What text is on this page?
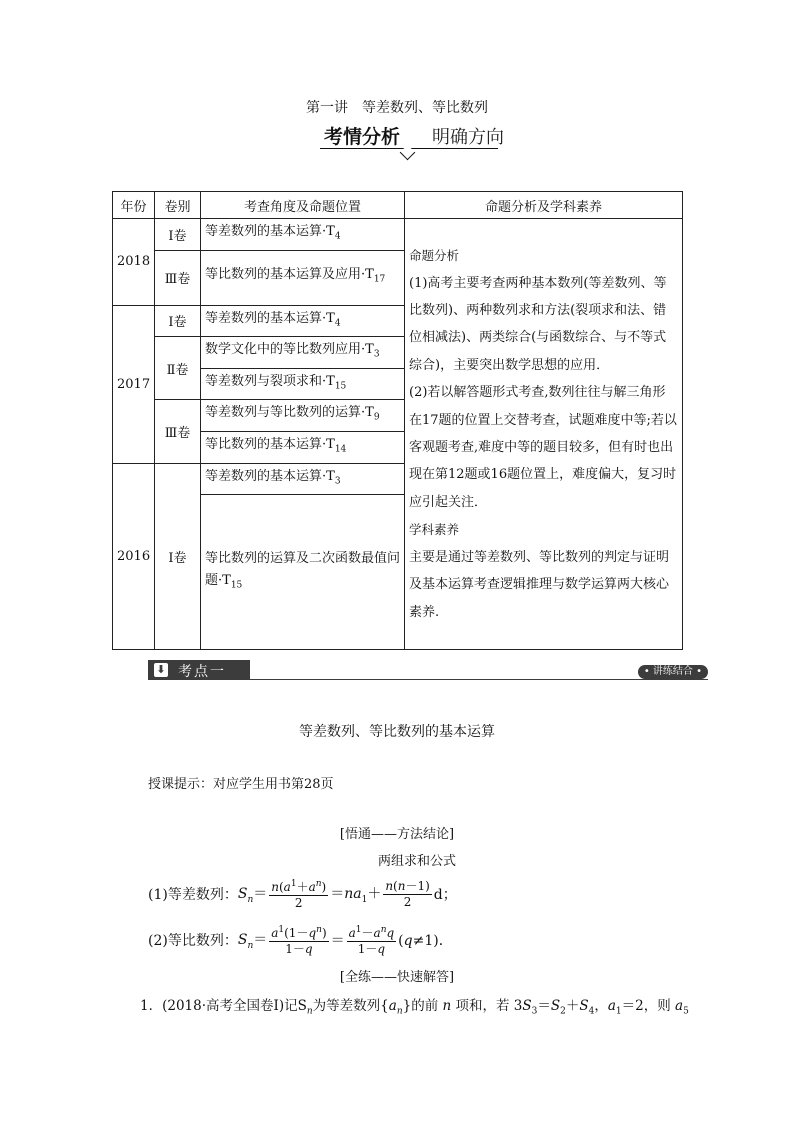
第一讲　等差数列、等比数列
考情分析 明确方向
年份	卷别	考查角度及命题位置	命题分析及学科素养
2018	Ⅰ卷	等差数列的基本运算$\cdot T_4$	命题分析
(1)高考主要考查两种基本数列(等差数列、等比数列)、两种数列求和方法(裂项求和法、错位相减法)、两类综合(与函数综合、与不等式综合)，主要突出数学思想的应用．
(2)若以解答题形式考查,数列往往与解三角形在17题的位置上交替考查，试题难度中等;若以客观题考查,难度中等的题目较多，但有时也出现在第12题或16题位置上，难度偏大，复习时应引起关注．
学科素养
主要是通过等差数列、等比数列的判定与证明及基本运算考查逻辑推理与数学运算两大核心素养.

	Ⅲ卷	等比数列的基本运算及应用$\cdot T_{17}$
2017	Ⅰ卷	等差数列的基本运算$\cdot T_4$
	Ⅱ卷	数学文化中的等比数列应用$\cdot T_3$
		等差数列与裂项求和$\cdot T_{15}$
	Ⅲ卷	等差数列与等比数列的运算$\cdot T_9$
		等比数列的基本运算$\cdot T_{14}$
2016	Ⅰ卷	等差数列的基本运算$\cdot T_3$
		等比数列的运算及二次函数最值问题$\cdot T_{15}$
⬇ 考点一	• 讲练结合 •
等差数列、等比数列的基本运算
授课提示：对应学生用书第28页
[悟通——方法结论]
两组求和公式
(1)等差数列： $S_n= \frac{n(a^1+a^n)}{2} =na_1+ \frac{n(n-1)}{2}$ d；
(2)等比数列： $S_n= \frac{a^1(1-q^n)}{1-q} = \frac{a^1-a^nq}{1-q} (q\ne 1)$．
[全练——快速解答]
1．(2018·高考全国卷Ⅰ)记$S_n$为等差数列$\{a_n\}$的前 n 项和，若 $3S_3=S_2+S_4$，$a_1=2$，则 $a_5$
